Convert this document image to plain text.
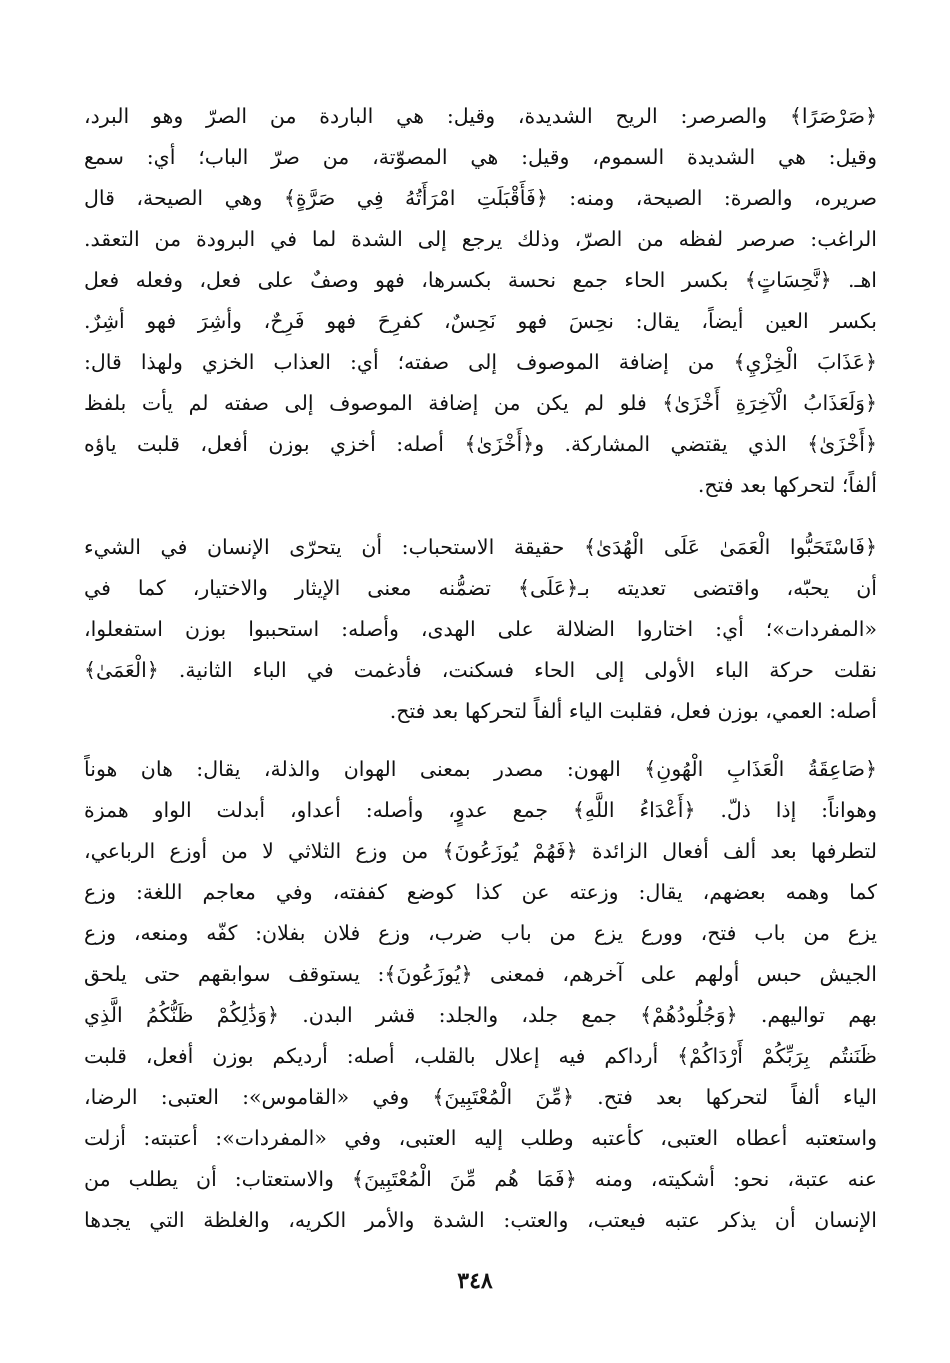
﴿صَرْصَرًا﴾ والصرصر: الريح الشديدة، وقيل: هي الباردة من الصرّ وهو البرد،
وقيل: هي الشديدة السموم، وقيل: هي المصوّتة، من صرّ الباب؛ أي: سمع
صريره، والصرة: الصيحة، ومنه: ﴿فَأَقْبَلَتِ امْرَأَتُهُ فِي صَرَّةٍ﴾ وهي الصيحة، قال
الراغب: صرصر لفظه من الصرّ، وذلك يرجع إلى الشدة لما في البرودة من التعقد.
اهـ. ﴿نَّحِسَاتٍ﴾ بكسر الحاء جمع نحسة بكسرها، فهو وصفٌ على فعل، وفعله فعل
بكسر العين أيضاً، يقال: نحِسَ فهو نَحِسٌ، كفرِحَ فهو فَرِحٌ، وأشِرَ فهو أشِرٌ.
﴿عَذَابَ الْخِزْيِ﴾ من إضافة الموصوف إلى صفته؛ أي: العذاب الخزي ولهذا قال:
﴿وَلَعَذَابُ الْآخِرَةِ أَخْزَىٰ﴾ فلو لم يكن من إضافة الموصوف إلى صفته لم يأت بلفظ
﴿أَخْزَىٰ﴾ الذي يقتضي المشاركة. و﴿أَخْزَىٰ﴾ أصله: أخزي بوزن أفعل، قلبت ياؤه
ألفاً؛ لتحركها بعد فتح.
﴿فَاسْتَحَبُّوا الْعَمَىٰ عَلَى الْهُدَىٰ﴾ حقيقة الاستحباب: أن يتحرّى الإنسان في الشيء
أن يحبّه، واقتضى تعديته بـ﴿عَلَى﴾ تضمُّنه معنى الإيثار والاختيار، كما في
«المفردات»؛ أي: اختاروا الضلالة على الهدى، وأصله: استحببوا بوزن استفعلوا،
نقلت حركة الباء الأولى إلى الحاء فسكنت، فأدغمت في الباء الثانية. ﴿الْعَمَىٰ﴾
أصله: العمي، بوزن فعل، فقلبت الياء ألفاً لتحركها بعد فتح.
﴿صَاعِقَةُ الْعَذَابِ الْهُونِ﴾ الهون: مصدر بمعنى الهوان والذلة، يقال: هان هوناً
وهواناً: إذا ذلّ. ﴿أَعْدَاءُ اللَّهِ﴾ جمع عدوٍ، وأصله: أعداو، أبدلت الواو همزة
لتطرفها بعد ألف أفعال الزائدة ﴿فَهُمْ يُوزَعُونَ﴾ من وزع الثلاثي لا من أوزع الرباعي،
كما وهمه بعضهم، يقال: وزعته عن كذا كوضع كففته، وفي معاجم اللغة: وزع
يزع من باب فتح، وورع يزع من باب ضرب، وزع فلان بفلان: كفّه ومنعه، وزع
الجيش حبس أولهم على آخرهم، فمعنى ﴿يُوزَعُونَ﴾: يستوقف سوابقهم حتى يلحق
بهم تواليهم. ﴿وَجُلُودُهُمْ﴾ جمع جلد، والجلد: قشر البدن. ﴿وَذَٰلِكُمْ ظَنُّكُمُ الَّذِي
ظَنَنتُم بِرَبِّكُمْ أَرْدَاكُمْ﴾ أرداكم فيه إعلال بالقلب، أصله: أرديكم بوزن أفعل، قلبت
الياء ألفاً لتحركها بعد فتح. ﴿مِّنَ الْمُعْتَبِينَ﴾ وفي «القاموس»: العتبى: الرضا،
واستعتبه أعطاه العتبى، كأعتبه وطلب إليه العتبى، وفي «المفردات»: أعتبته: أزلت
عنه عتبة، نحو: أشكيته، ومنه ﴿فَمَا هُم مِّنَ الْمُعْتَبِينَ﴾ والاستعتاب: أن يطلب من
الإنسان أن يذكر عتبه فيعتب، والعتب: الشدة والأمر الكريه، والغلظة التي يجدها
٣٤٨
